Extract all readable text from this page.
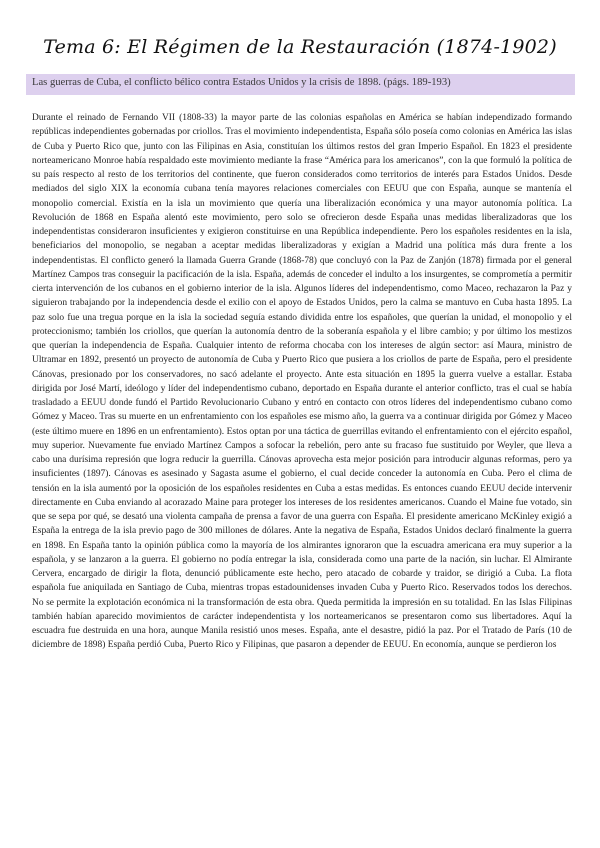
Tema 6: El Régimen de la Restauración (1874-1902)
Las guerras de Cuba, el conflicto bélico contra Estados Unidos y la crisis de 1898. (págs. 189-193)

Durante el reinado de Fernando VII (1808-33) la mayor parte de las colonias españolas en América se habían independizado formando repúblicas independientes gobernadas por criollos. Tras el movimiento independentista, España sólo poseía como colonias en América las islas de Cuba y Puerto Rico que, junto con las Filipinas en Asia, constituían los últimos restos del gran Imperio Español. En 1823 el presidente norteamericano Monroe había respaldado este movimiento mediante la frase “América para los americanos”, con la que formuló la política de su país respecto al resto de los territorios del continente, que fueron considerados como territorios de interés para Estados Unidos. Desde mediados del siglo XIX la economía cubana tenía mayores relaciones comerciales con EEUU que con España, aunque se mantenía el monopolio comercial. Existía en la isla un movimiento que quería una liberalización económica y una mayor autonomía política. La Revolución de 1868 en España alentó este movimiento, pero solo se ofrecieron desde España unas medidas liberalizadoras que los independentistas consideraron insuficientes y exigieron constituirse en una República independiente. Pero los españoles residentes en la isla, beneficiarios del monopolio, se negaban a aceptar medidas liberalizadoras y exigían a Madrid una política más dura frente a los independentistas. El conflicto generó la llamada Guerra Grande (1868-78) que concluyó con la Paz de Zanjón (1878) firmada por el general Martínez Campos tras conseguir la pacificación de la isla. España, además de conceder el indulto a los insurgentes, se comprometía a permitir cierta intervención de los cubanos en el gobierno interior de la isla. Algunos líderes del independentismo, como Maceo, rechazaron la Paz y siguieron trabajando por la independencia desde el exilio con el apoyo de Estados Unidos, pero la calma se mantuvo en Cuba hasta 1895. La paz solo fue una tregua porque en la isla la sociedad seguía estando dividida entre los españoles, que querían la unidad, el monopolio y el proteccionismo; también los criollos, que querían la autonomía dentro de la soberanía española y el libre cambio; y por último los mestizos que querían la independencia de España. Cualquier intento de reforma chocaba con los intereses de algún sector: así Maura, ministro de Ultramar en 1892, presentó un proyecto de autonomía de Cuba y Puerto Rico que pusiera a los criollos de parte de España, pero el presidente Cánovas, presionado por los conservadores, no sacó adelante el proyecto. Ante esta situación en 1895 la guerra vuelve a estallar. Estaba dirigida por José Martí, ideólogo y líder del independentismo cubano, deportado en España durante el anterior conflicto, tras el cual se había trasladado a EEUU donde fundó el Partido Revolucionario Cubano y entró en contacto con otros líderes del independentismo cubano como Gómez y Maceo. Tras su muerte en un enfrentamiento con los españoles ese mismo año, la guerra va a continuar dirigida por Gómez y Maceo (este último muere en 1896 en un enfrentamiento). Estos optan por una táctica de guerrillas evitando el enfrentamiento con el ejército español, muy superior. Nuevamente fue enviado Martínez Campos a sofocar la rebelión, pero ante su fracaso fue sustituido por Weyler, que lleva a cabo una durísima represión que logra reducir la guerrilla. Cánovas aprovecha esta mejor posición para introducir algunas reformas, pero ya insuficientes (1897). Cánovas es asesinado y Sagasta asume el gobierno, el cual decide conceder la autonomía en Cuba. Pero el clima de tensión en la isla aumentó por la oposición de los españoles residentes en Cuba a estas medidas. Es entonces cuando EEUU decide intervenir directamente en Cuba enviando al acorazado Maine para proteger los intereses de los residentes americanos. Cuando el Maine fue votado, sin que se sepa por qué, se desató una violenta campaña de prensa a favor de una guerra con España. El presidente americano McKinley exigió a España la entrega de la isla previo pago de 300 millones de dólares. Ante la negativa de España, Estados Unidos declaró finalmente la guerra en 1898. En España tanto la opinión pública como la mayoría de los almirantes ignoraron que la escuadra americana era muy superior a la española, y se lanzaron a la guerra. El gobierno no podía entregar la isla, considerada como una parte de la nación, sin luchar. El Almirante Cervera, encargado de dirigir la flota, denunció públicamente este hecho, pero atacado de cobarde y traidor, se dirigió a Cuba. La flota española fue aniquilada en Santiago de Cuba, mientras tropas estadounidenses invaden Cuba y Puerto Rico. Reservados todos los derechos. No se permite la explotación económica ni la transformación de esta obra. Queda permitida la impresión en su totalidad. En las Islas Filipinas también habían aparecido movimientos de carácter independentista y los norteamericanos se presentaron como sus libertadores. Aquí la escuadra fue destruida en una hora, aunque Manila resistió unos meses. España, ante el desastre, pidió la paz. Por el Tratado de París (10 de diciembre de 1898) España perdió Cuba, Puerto Rico y Filipinas, que pasaron a depender de EEUU. En economía, aunque se perdieron los
